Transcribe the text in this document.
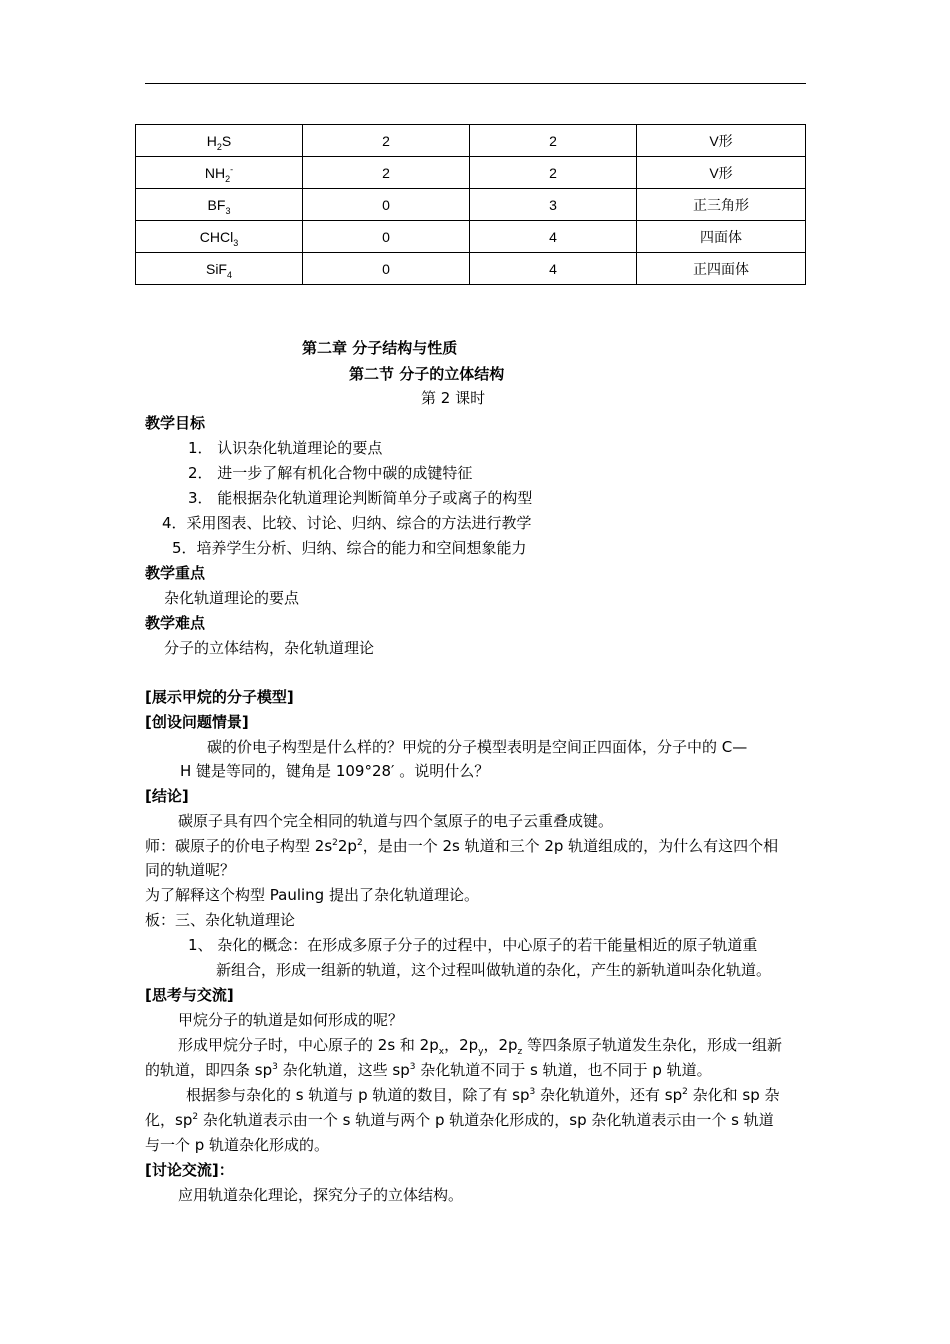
$H_2S$	2	2	V形
$NH_2^-$	2	2	V形
$BF_3$	0	3	正三角形
CHCl$_3$	0	4	四面体
SiF$_4$	0	4	正四面体
第二章 分子结构与性质
第二节 分子的立体结构
第 2 课时
教学目标
1． 认识杂化轨道理论的要点
2． 进一步了解有机化合物中碳的成键特征
3． 能根据杂化轨道理论判断简单分子或离子的构型
4．采用图表、比较、讨论、归纳、综合的方法进行教学
5．培养学生分析、归纳、综合的能力和空间想象能力
教学重点
杂化轨道理论的要点
教学难点
分子的立体结构，杂化轨道理论
[展示甲烷的分子模型]
[创设问题情景]
碳的价电子构型是什么样的？甲烷的分子模型表明是空间正四面体，分子中的 C—
H 键是等同的，键角是 109°28′ 。说明什么？
[结论]
碳原子具有四个完全相同的轨道与四个氢原子的电子云重叠成键。
师：碳原子的价电子构型 $2s^22p^2$，是由一个 2s 轨道和三个 2p 轨道组成的，为什么有这四个相
同的轨道呢？
为了解释这个构型 Pauling 提出了杂化轨道理论。
板：三、杂化轨道理论
1、 杂化的概念：在形成多原子分子的过程中，中心原子的若干能量相近的原子轨道重
新组合，形成一组新的轨道，这个过程叫做轨道的杂化，产生的新轨道叫杂化轨道。
[思考与交流]
甲烷分子的轨道是如何形成的呢？
形成甲烷分子时，中心原子的 2s 和 $2p_x$，$2p_y$，$2p_z$ 等四条原子轨道发生杂化，形成一组新
的轨道，即四条 $sp^3$ 杂化轨道，这些 $sp^3$ 杂化轨道不同于 s 轨道，也不同于 p 轨道。
根据参与杂化的 s 轨道与 p 轨道的数目，除了有 $sp^3$ 杂化轨道外，还有 $sp^2$ 杂化和 sp 杂
化，$sp^2$ 杂化轨道表示由一个 s 轨道与两个 p 轨道杂化形成的，sp 杂化轨道表示由一个 s 轨道
与一个 p 轨道杂化形成的。
[讨论交流]：
应用轨道杂化理论，探究分子的立体结构。
